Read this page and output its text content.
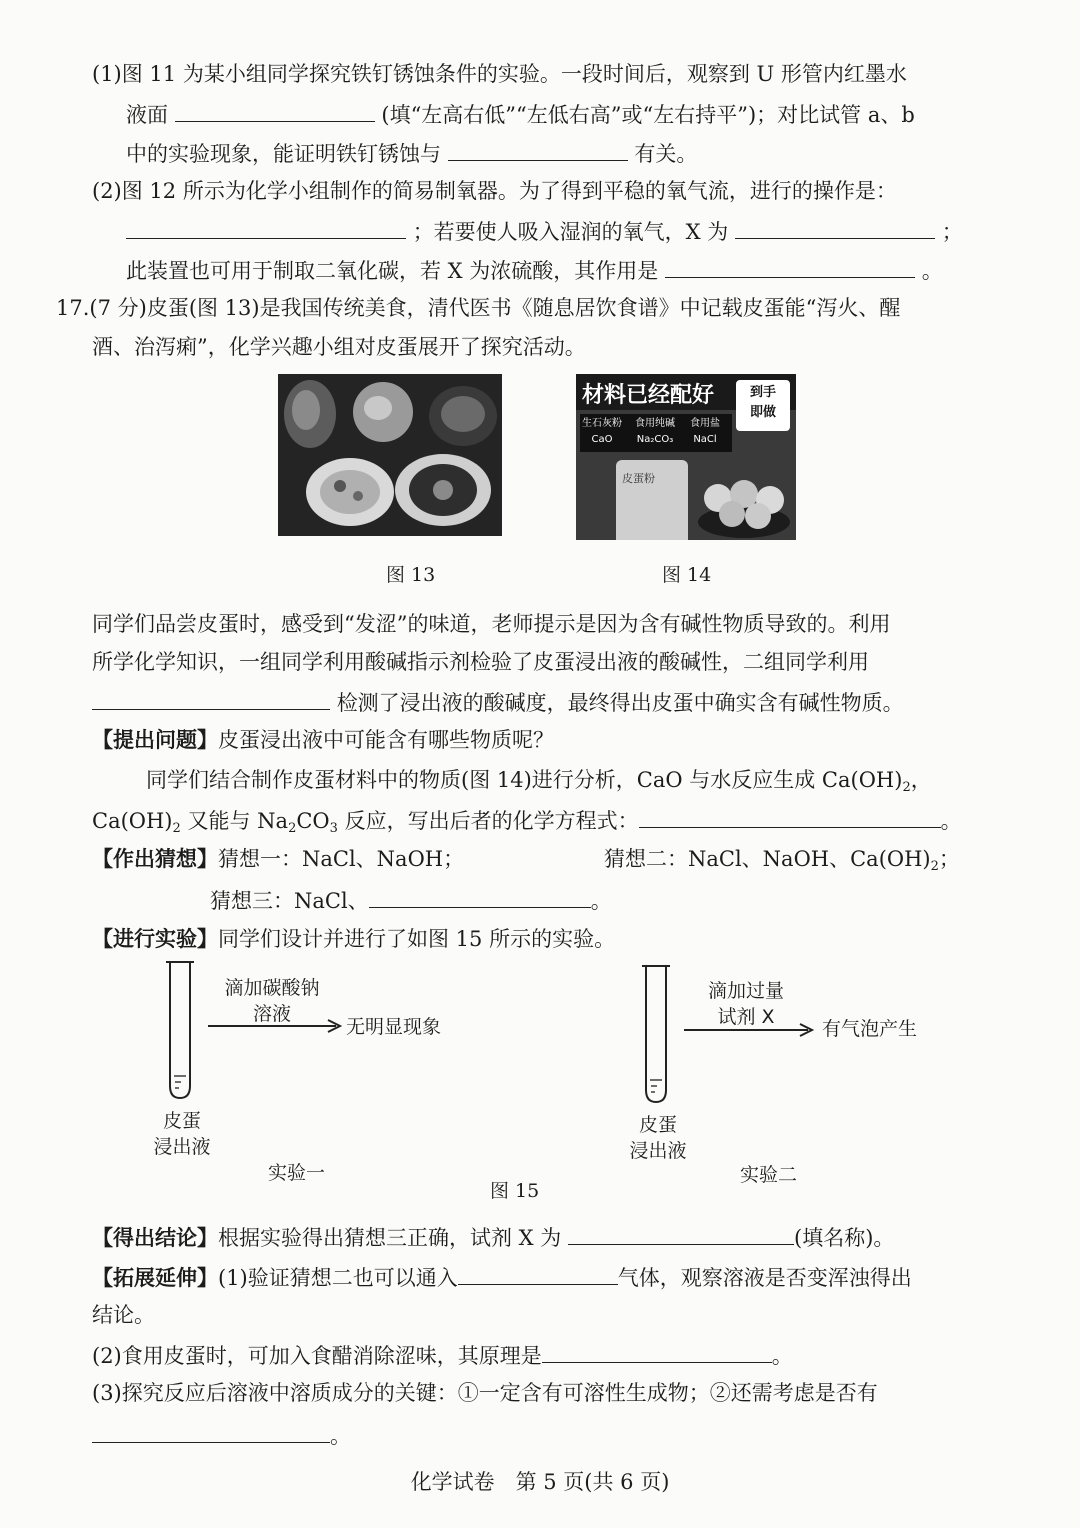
(1)图 11 为某小组同学探究铁钉锈蚀条件的实验。一段时间后，观察到 U 形管内红墨水
液面	(填“左高右低”“左低右高”或“左右持平”)；对比试管 a、b
中的实验现象，能证明铁钉锈蚀与	有关。
(2)图 12 所示为化学小组制作的简易制氧器。为了得到平稳的氧气流，进行的操作是：
；若要使人吸入湿润的氧气，X 为	；
此装置也可用于制取二氧化碳，若 X 为浓硫酸，其作用是	。
17.(7 分)皮蛋(图 13)是我国传统美食，清代医书《随息居饮食谱》中记载皮蛋能“泻火、醒
酒、治泻痢”，化学兴趣小组对皮蛋展开了探究活动。
图 13
材料已经配好	到手
即做
生石灰粉
CaO
食用纯碱
Na₂CO₃
食用盐
NaCl
皮蛋粉
图 14
同学们品尝皮蛋时，感受到“发涩”的味道，老师提示是因为含有碱性物质导致的。利用
所学化学知识，一组同学利用酸碱指示剂检验了皮蛋浸出液的酸碱性，二组同学利用
检测了浸出液的酸碱度，最终得出皮蛋中确实含有碱性物质。
【提出问题】皮蛋浸出液中可能含有哪些物质呢？
同学们结合制作皮蛋材料中的物质(图 14)进行分析，CaO 与水反应生成 $Ca(OH)_2$，
$Ca(OH)_2$ 又能与 $Na_2CO_3$ 反应，写出后者的化学方程式：	。
【作出猜想】猜想一：NaCl、NaOH；	猜想二：NaCl、NaOH、$Ca(OH)_2$；
猜想三：NaCl、	。
【进行实验】同学们设计并进行了如图 15 所示的实验。
滴加碳酸钠
溶液
无明显现象
皮蛋
浸出液
实验一
滴加过量
试剂 X
有气泡产生
皮蛋
浸出液
实验二
图 15
【得出结论】根据实验得出猜想三正确，试剂 X 为	(填名称)。
【拓展延伸】(1)验证猜想二也可以通入	气体，观察溶液是否变浑浊得出
结论。
(2)食用皮蛋时，可加入食醋消除涩味，其原理是	。
(3)探究反应后溶液中溶质成分的关键：①一定含有可溶性生成物；②还需考虑是否有
。
化学试卷　第 5 页(共 6 页)
